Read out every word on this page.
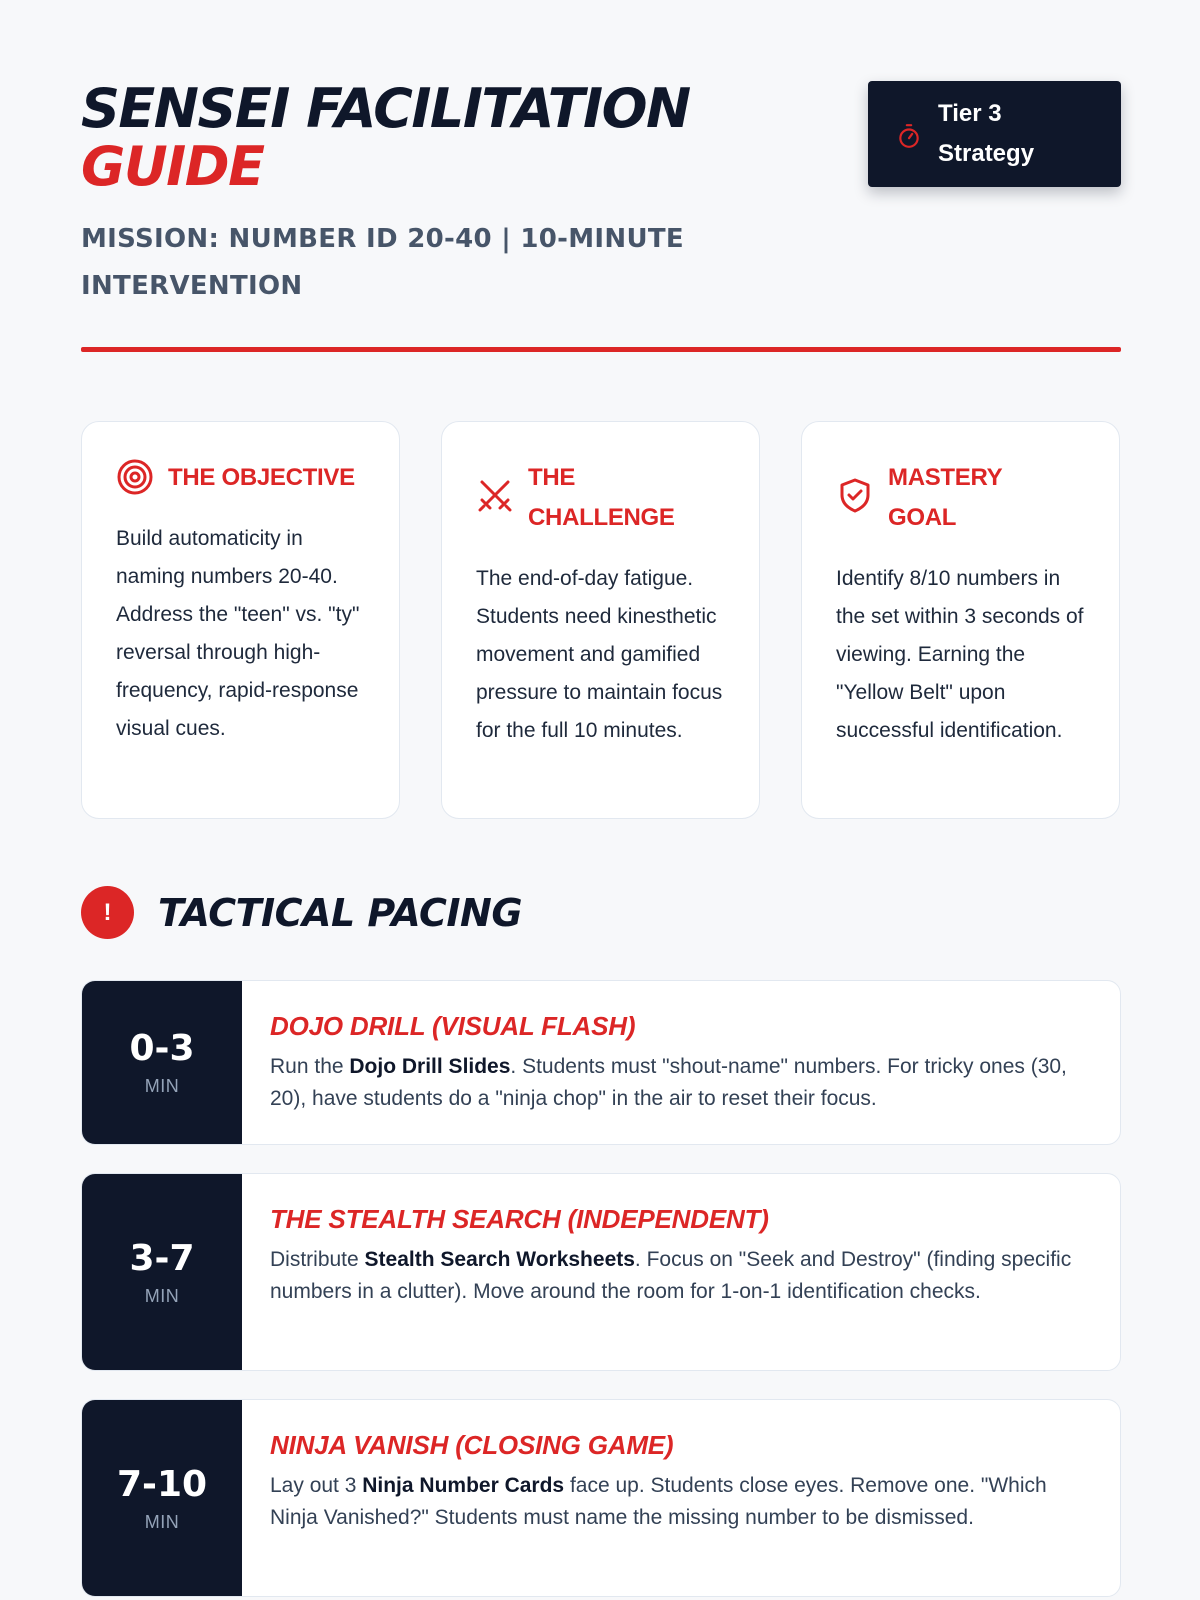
SENSEI FACILITATION
GUIDE
MISSION: NUMBER ID 20-40 | 10-MINUTE INTERVENTION
Tier 3 Strategy
THE OBJECTIVE
Build automaticity in naming numbers 20-40. Address the "teen" vs. "ty" reversal through high-frequency, rapid-response visual cues.
THE CHALLENGE
The end-of-day fatigue. Students need kinesthetic movement and gamified pressure to maintain focus for the full 10 minutes.
MASTERY GOAL
Identify 8/10 numbers in the set within 3 seconds of viewing. Earning the "Yellow Belt" upon successful identification.
!	TACTICAL PACING
0-3
MIN
DOJO DRILL (VISUAL FLASH)
Run the Dojo Drill Slides. Students must "shout-name" numbers. For tricky ones (30, 20), have students do a "ninja chop" in the air to reset their focus.
3-7
MIN
THE STEALTH SEARCH (INDEPENDENT)
Distribute Stealth Search Worksheets. Focus on "Seek and Destroy" (finding specific numbers in a clutter). Move around the room for 1-on-1 identification checks.
7-10
MIN
NINJA VANISH (CLOSING GAME)
Lay out 3 Ninja Number Cards face up. Students close eyes. Remove one. "Which Ninja Vanished?" Students must name the missing number to be dismissed.
